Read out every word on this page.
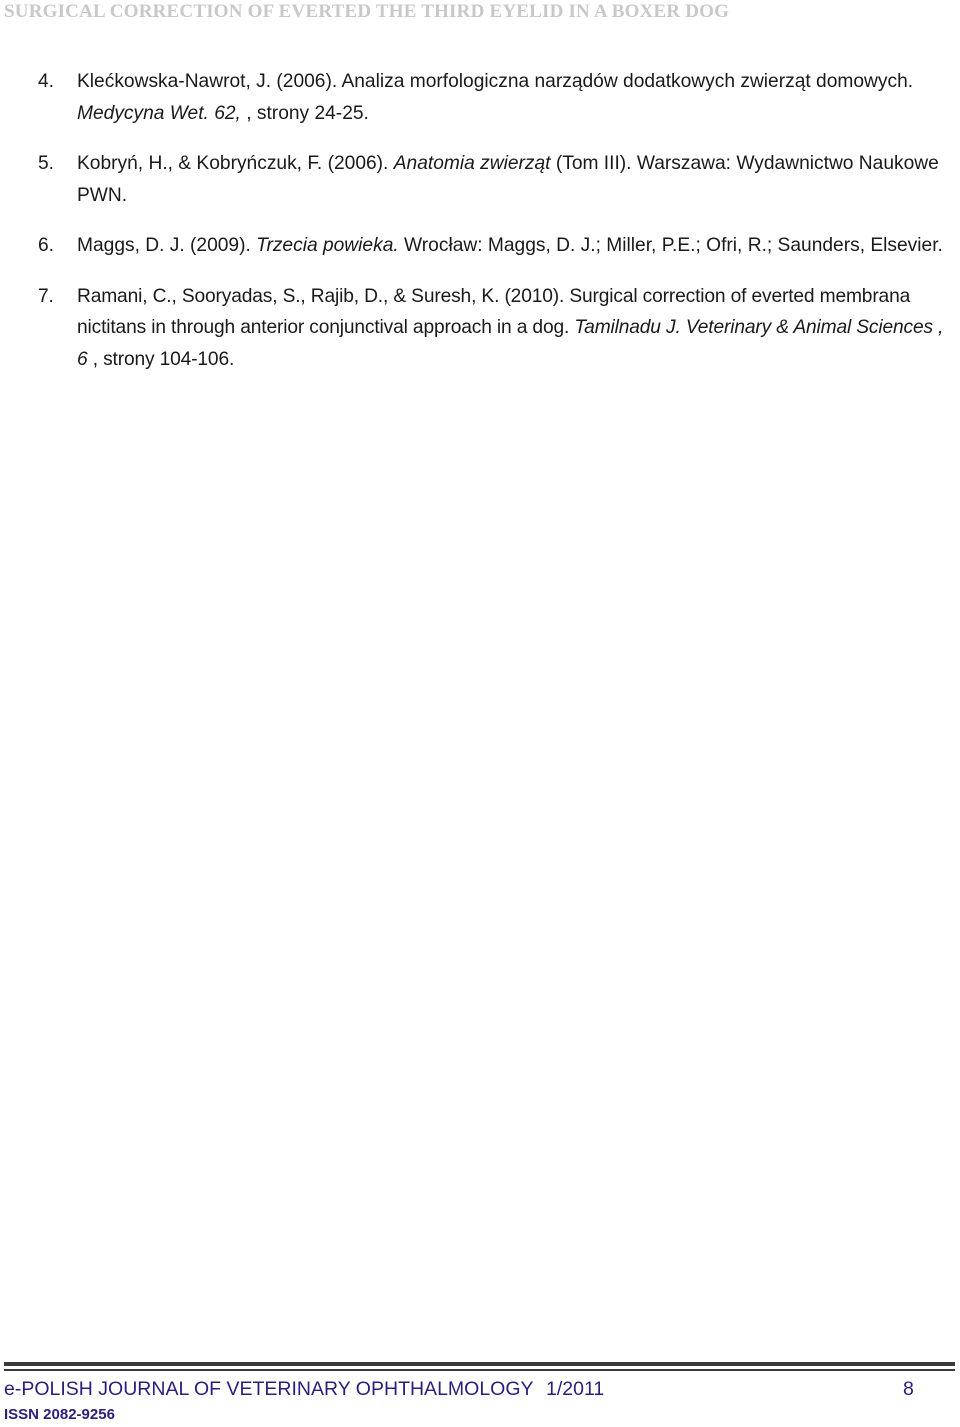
SURGICAL CORRECTION OF EVERTED THE THIRD EYELID IN A BOXER DOG
4.	Klećkowska-Nawrot, J. (2006). Analiza morfologiczna narządów dodatkowych zwierząt domowych. Medycyna Wet. 62, , strony 24-25.
5.	Kobryń, H., & Kobryńczuk, F. (2006). Anatomia zwierząt (Tom III). Warszawa: Wydawnictwo Naukowe PWN.
6.	Maggs, D. J. (2009). Trzecia powieka. Wrocław: Maggs, D. J.; Miller, P.E.; Ofri, R.; Saunders, Elsevier.
7.	Ramani, C., Sooryadas, S., Rajib, D., & Suresh, K. (2010). Surgical correction of everted membrana nictitans in through anterior conjunctival approach in a dog. Tamilnadu J. Veterinary & Animal Sciences , 6 , strony 104-106.
e-POLISH JOURNAL OF VETERINARY OPHTHALMOLOGY 1/2011	8
ISSN 2082-9256
